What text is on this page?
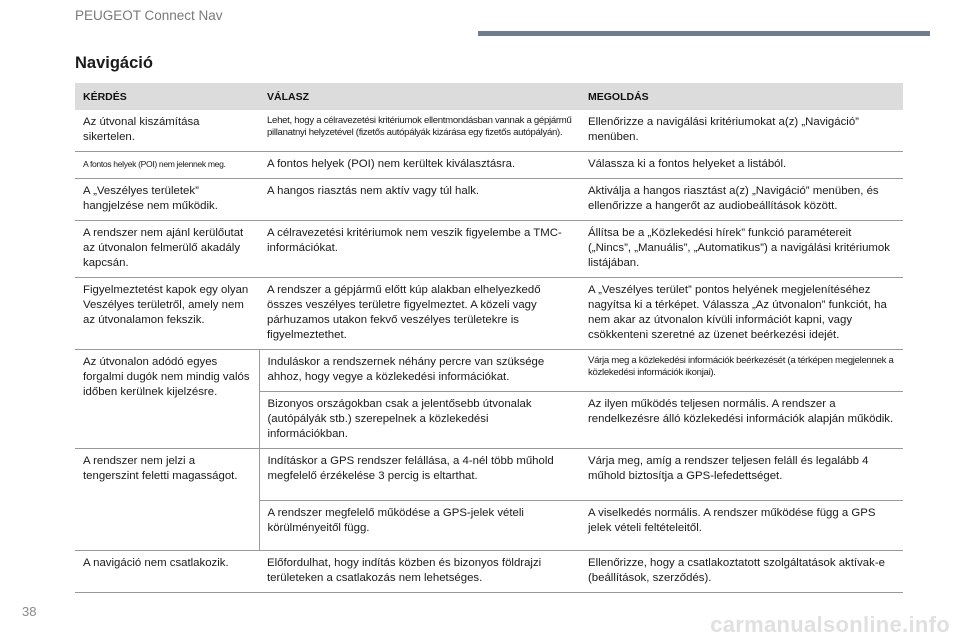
PEUGEOT Connect Nav
Navigáció
KÉRDÉS	VÁLASZ	MEGOLDÁS
Az útvonal kiszámítása sikertelen.	Lehet, hogy a célravezetési kritériumok ellentmondásban vannak a gépjármű pillanatnyi helyzetével (fizetős autópályák kizárása egy fizetős autópályán).	Ellenőrizze a navigálási kritériumokat a(z) „Navigáció” menüben.
A fontos helyek (POI) nem jelennek meg.	A fontos helyek (POI) nem kerültek kiválasztásra.	Válassza ki a fontos helyeket a listából.
A „Veszélyes területek” hangjelzése nem működik.	A hangos riasztás nem aktív vagy túl halk.	Aktiválja a hangos riasztást a(z) „Navigáció” menüben, és ellenőrizze a hangerőt az audiobeállítások között.
A rendszer nem ajánl kerülőutat az útvonalon felmerülő akadály kapcsán.	A célravezetési kritériumok nem veszik figyelembe a TMC-információkat.	Állítsa be a „Közlekedési hírek” funkció paramétereit („Nincs”, „Manuális”, „Automatikus”) a navigálási kritériumok listájában.
Figyelmeztetést kapok egy olyan Veszélyes területről, amely nem az útvonalamon fekszik.	A rendszer a gépjármű előtt kúp alakban elhelyezkedő összes veszélyes területre figyelmeztet. A közeli vagy párhuzamos utakon fekvő veszélyes területekre is figyelmeztethet.	A „Veszélyes terület” pontos helyének megjelenítéséhez nagyítsa ki a térképet. Válassza „Az útvonalon” funkciót, ha nem akar az útvonalon kívüli információt kapni, vagy csökkenteni szeretné az üzenet beérkezési idejét.
Az útvonalon adódó egyes forgalmi dugók nem mindig valós időben kerülnek kijelzésre.	Induláskor a rendszernek néhány percre van szüksége ahhoz, hogy vegye a közlekedési információkat.	Várja meg a közlekedési információk beérkezését (a térképen megjelennek a közlekedési információk ikonjai).
	Bizonyos országokban csak a jelentősebb útvonalak (autópályák stb.) szerepelnek a közlekedési információkban.	Az ilyen működés teljesen normális. A rendszer a rendelkezésre álló közlekedési információk alapján működik.
A rendszer nem jelzi a tengerszint feletti magasságot.	Indításkor a GPS rendszer felállása, a 4-nél több műhold megfelelő érzékelése 3 percig is eltarthat.	Várja meg, amíg a rendszer teljesen feláll és legalább 4 műhold biztosítja a GPS-lefedettséget.
	A rendszer megfelelő működése a GPS-jelek vételi körülményeitől függ.	A viselkedés normális. A rendszer működése függ a GPS jelek vételi feltételeitől.
A navigáció nem csatlakozik.	Előfordulhat, hogy indítás közben és bizonyos földrajzi területeken a csatlakozás nem lehetséges.	Ellenőrizze, hogy a csatlakoztatott szolgáltatások aktívak-e (beállítások, szerződés).
38
carmanualsonline.info
